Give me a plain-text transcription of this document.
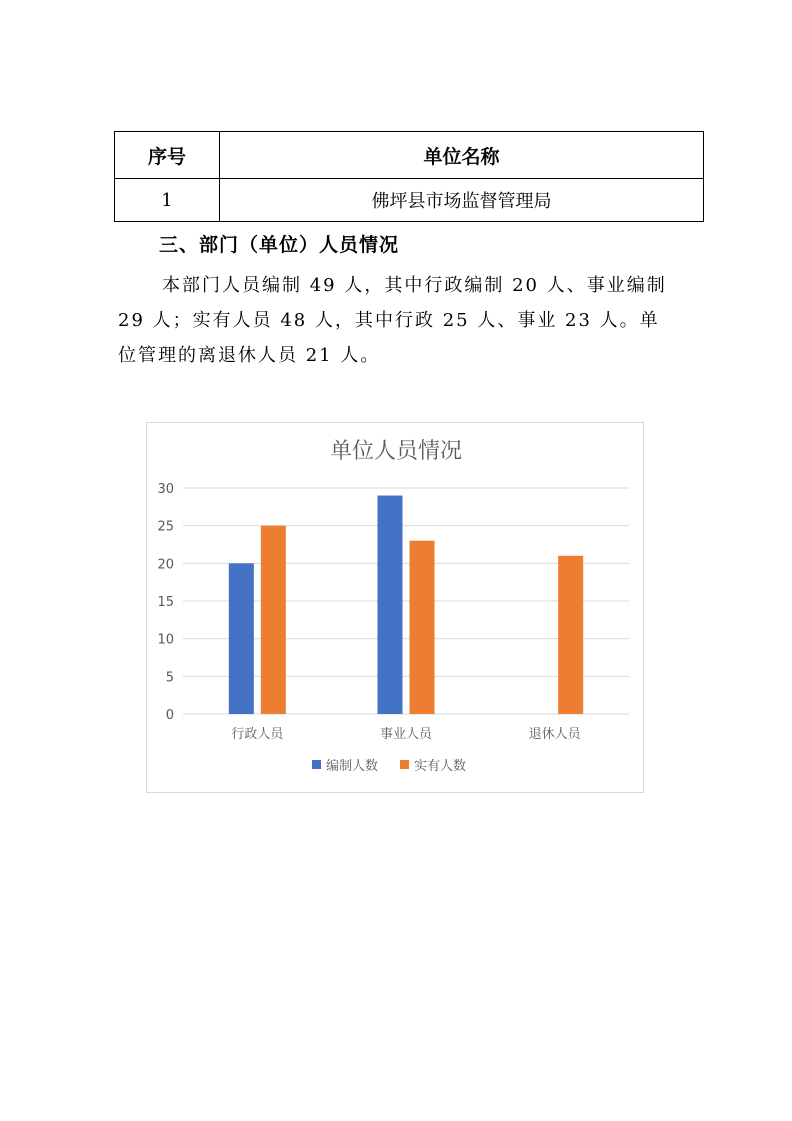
序号	单位名称
1	佛坪县市场监督管理局
三、部门（单位）人员情况

本部门人员编制 49 人，其中行政编制 20 人、事业编制 29 人；实有人员 48 人，其中行政 25 人、事业 23 人。单位管理的离退休人员 21 人。

单位人员情况
0
5
10
15
20
25
30
行政人员	事业人员	退休人员
编制人数	实有人数
